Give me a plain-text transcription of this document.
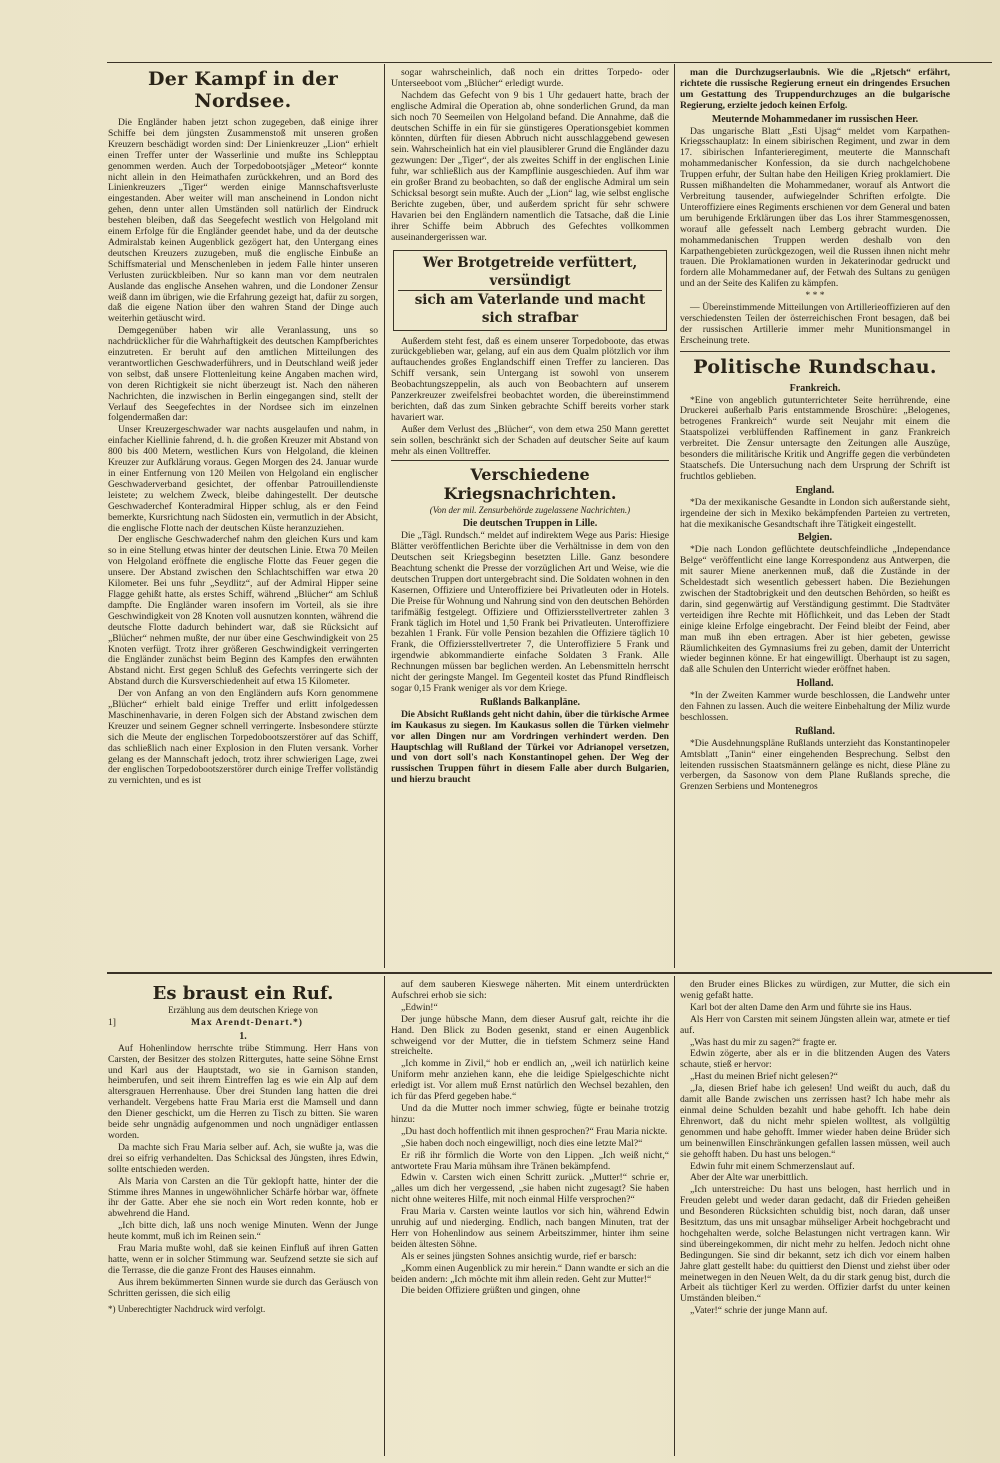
Der Kampf in der Nordsee.

Die Engländer haben jetzt schon zugegeben, daß einige ihrer Schiffe bei dem jüngsten Zusammenstoß mit unseren großen Kreuzern beschädigt worden sind: Der Linienkreuzer „Lion“ erhielt einen Treffer unter der Wasserlinie und mußte ins Schlepptau genommen werden. Auch der Torpedobootsjäger „Meteor“ konnte nicht allein in den Heimathafen zurückkehren, und an Bord des Linienkreuzers „Tiger“ werden einige Mannschaftsverluste eingestanden. Aber weiter will man anscheinend in London nicht gehen, denn unter allen Umständen soll natürlich der Eindruck bestehen bleiben, daß das Seegefecht westlich von Helgoland mit einem Erfolge für die Engländer geendet habe, und da der deutsche Admiralstab keinen Augenblick gezögert hat, den Untergang eines deutschen Kreuzers zuzugeben, muß die englische Einbuße an Schiffsmaterial und Menschenleben in jedem Falle hinter unseren Verlusten zurückbleiben. Nur so kann man vor dem neutralen Auslande das englische Ansehen wahren, und die Londoner Zensur weiß dann im übrigen, wie die Erfahrung gezeigt hat, dafür zu sorgen, daß die eigene Nation über den wahren Stand der Dinge auch weiterhin getäuscht wird.

Demgegenüber haben wir alle Veranlassung, uns so nachdrücklicher für die Wahrhaftigkeit des deutschen Kampfberichtes einzutreten. Er beruht auf den amtlichen Mitteilungen des verantwortlichen Geschwaderführers, und in Deutschland weiß jeder von selbst, daß unsere Flottenleitung keine Angaben machen wird, von deren Richtigkeit sie nicht überzeugt ist. Nach den näheren Nachrichten, die inzwischen in Berlin eingegangen sind, stellt der Verlauf des Seegefechtes in der Nordsee sich im einzelnen folgendermaßen dar:

Unser Kreuzergeschwader war nachts ausgelaufen und nahm, in einfacher Kiellinie fahrend, d. h. die großen Kreuzer mit Abstand von 800 bis 400 Metern, westlichen Kurs von Helgoland, die kleinen Kreuzer zur Aufklärung voraus. Gegen Morgen des 24. Januar wurde in einer Entfernung von 120 Meilen von Helgoland ein englischer Geschwaderverband gesichtet, der offenbar Patrouillendienste leistete; zu welchem Zweck, bleibe dahingestellt. Der deutsche Geschwaderchef Konteradmiral Hipper schlug, als er den Feind bemerkte, Kursrichtung nach Südosten ein, vermutlich in der Absicht, die englische Flotte nach der deutschen Küste heranzuziehen.

Der englische Geschwaderchef nahm den gleichen Kurs und kam so in eine Stellung etwas hinter der deutschen Linie. Etwa 70 Meilen von Helgoland eröffnete die englische Flotte das Feuer gegen die unsere. Der Abstand zwischen den Schlachtschiffen war etwa 20 Kilometer. Bei uns fuhr „Seydlitz“, auf der Admiral Hipper seine Flagge gehißt hatte, als erstes Schiff, während „Blücher“ am Schluß dampfte. Die Engländer waren insofern im Vorteil, als sie ihre Geschwindigkeit von 28 Knoten voll ausnutzen konnten, während die deutsche Flotte dadurch behindert war, daß sie Rücksicht auf „Blücher“ nehmen mußte, der nur über eine Geschwindigkeit von 25 Knoten verfügt. Trotz ihrer größeren Geschwindigkeit verringerten die Engländer zunächst beim Beginn des Kampfes den erwähnten Abstand nicht. Erst gegen Schluß des Gefechts verringerte sich der Abstand durch die Kursverschiedenheit auf etwa 15 Kilometer.

Der von Anfang an von den Engländern aufs Korn genommene „Blücher“ erhielt bald einige Treffer und erlitt infolgedessen Maschinenhavarie, in deren Folgen sich der Abstand zwischen dem Kreuzer und seinem Gegner schnell verringerte. Insbesondere stürzte sich die Meute der englischen Torpedobootszerstörer auf das Schiff, das schließlich nach einer Explosion in den Fluten versank. Vorher gelang es der Mannschaft jedoch, trotz ihrer schwierigen Lage, zwei der englischen Torpedobootszerstörer durch einige Treffer vollständig zu vernichten, und es ist

sogar wahrscheinlich, daß noch ein drittes Torpedo- oder Unterseeboot vom „Blücher“ erledigt wurde.

Nachdem das Gefecht von 9 bis 1 Uhr gedauert hatte, brach der englische Admiral die Operation ab, ohne sonderlichen Grund, da man sich noch 70 Seemeilen von Helgoland befand. Die Annahme, daß die deutschen Schiffe in ein für sie günstigeres Operationsgebiet kommen könnten, dürften für diesen Abbruch nicht ausschlaggebend gewesen sein. Wahrscheinlich hat ein viel plausiblerer Grund die Engländer dazu gezwungen: Der „Tiger“, der als zweites Schiff in der englischen Linie fuhr, war schließlich aus der Kampflinie ausgeschieden. Auf ihm war ein großer Brand zu beobachten, so daß der englische Admiral um sein Schicksal besorgt sein mußte. Auch der „Lion“ lag, wie selbst englische Berichte zugeben, über, und außerdem spricht für sehr schwere Havarien bei den Engländern namentlich die Tatsache, daß die Linie ihrer Schiffe beim Abbruch des Gefechtes vollkommen auseinandergerissen war.

Wer Brotgetreide verfüttert, versündigt
sich am Vaterlande und macht sich strafbar

Außerdem steht fest, daß es einem unserer Torpedoboote, das etwas zurückgeblieben war, gelang, auf ein aus dem Qualm plötzlich vor ihm auftauchendes großes Englandschiff einen Treffer zu lancieren. Das Schiff versank, sein Untergang ist sowohl von unserem Beobachtungszeppelin, als auch von Beobachtern auf unserem Panzerkreuzer zweifelsfrei beobachtet worden, die übereinstimmend berichten, daß das zum Sinken gebrachte Schiff bereits vorher stark havariert war.

Außer dem Verlust des „Blücher“, von dem etwa 250 Mann gerettet sein sollen, beschränkt sich der Schaden auf deutscher Seite auf kaum mehr als einen Volltreffer.

Verschiedene Kriegsnachrichten.
(Von der mil. Zensurbehörde zugelassene Nachrichten.)
Die deutschen Truppen in Lille.

Die „Tägl. Rundsch.“ meldet auf indirektem Wege aus Paris: Hiesige Blätter veröffentlichen Berichte über die Verhältnisse in dem von den Deutschen seit Kriegsbeginn besetzten Lille. Ganz besondere Beachtung schenkt die Presse der vorzüglichen Art und Weise, wie die deutschen Truppen dort untergebracht sind. Die Soldaten wohnen in den Kasernen, Offiziere und Unteroffiziere bei Privatleuten oder in Hotels. Die Preise für Wohnung und Nahrung sind von den deutschen Behörden tarifmäßig festgelegt. Offiziere und Offiziersstellvertreter zahlen 3 Frank täglich im Hotel und 1,50 Frank bei Privatleuten. Unteroffiziere bezahlen 1 Frank. Für volle Pension bezahlen die Offiziere täglich 10 Frank, die Offiziersstellvertreter 7, die Unteroffiziere 5 Frank und irgendwie abkommandierte einfache Soldaten 3 Frank. Alle Rechnungen müssen bar beglichen werden. An Lebensmitteln herrscht nicht der geringste Mangel. Im Gegenteil kostet das Pfund Rindfleisch sogar 0,15 Frank weniger als vor dem Kriege.

Rußlands Balkanpläne.

Die Absicht Rußlands geht nicht dahin, über die türkische Armee im Kaukasus zu siegen. Im Kaukasus sollen die Türken vielmehr vor allen Dingen nur am Vordringen verhindert werden. Den Hauptschlag will Rußland der Türkei vor Adrianopel versetzen, und von dort soll's nach Konstantinopel gehen. Der Weg der russischen Truppen führt in diesem Falle aber durch Bulgarien, und hierzu braucht

man die Durchzugserlaubnis. Wie die „Rjetsch“ erfährt, richtete die russische Regierung erneut ein dringendes Ersuchen um Gestattung des Truppendurchzuges an die bulgarische Regierung, erzielte jedoch keinen Erfolg.

Meuternde Mohammedaner im russischen Heer.

Das ungarische Blatt „Esti Ujsag“ meldet vom Karpathen-Kriegsschauplatz: In einem sibirischen Regiment, und zwar in dem 17. sibirischen Infanterieregiment, meuterte die Mannschaft mohammedanischer Konfession, da sie durch nachgelchobene Truppen erfuhr, der Sultan habe den Heiligen Krieg proklamiert. Die Russen mißhandelten die Mohammedaner, worauf als Antwort die Verbreitung tausender, aufwiegelnder Schriften erfolgte. Die Unteroffiziere eines Regiments erschienen vor dem General und baten um beruhigende Erklärungen über das Los ihrer Stammesgenossen, worauf alle gefesselt nach Lemberg gebracht wurden. Die mohammedanischen Truppen werden deshalb von den Karpathengebieten zurückgezogen, weil die Russen ihnen nicht mehr trauen. Die Proklamationen wurden in Jekaterinodar gedruckt und fordern alle Mohammedaner auf, der Fetwah des Sultans zu genügen und an der Seite des Kalifen zu kämpfen.

* * *

— Übereinstimmende Mitteilungen von Artillerieoffizieren auf den verschiedensten Teilen der österreichischen Front besagen, daß bei der russischen Artillerie immer mehr Munitionsmangel in Erscheinung trete.

Politische Rundschau.
Frankreich.

*Eine von angeblich gutunterrichteter Seite herrührende, eine Druckerei außerhalb Paris entstammende Broschüre: „Belogenes, betrogenes Frankreich“ wurde seit Neujahr mit einem die Staatspolizei verblüffenden Raffinement in ganz Frankreich verbreitet. Die Zensur untersagte den Zeitungen alle Auszüge, besonders die militärische Kritik und Angriffe gegen die verbündeten Staatschefs. Die Untersuchung nach dem Ursprung der Schrift ist fruchtlos geblieben.

England.

*Da der mexikanische Gesandte in London sich außerstande sieht, irgendeine der sich in Mexiko bekämpfenden Parteien zu vertreten, hat die mexikanische Gesandtschaft ihre Tätigkeit eingestellt.

Belgien.

*Die nach London geflüchtete deutschfeindliche „Independance Belge“ veröffentlicht eine lange Korrespondenz aus Antwerpen, die mit saurer Miene anerkennen muß, daß die Zustände in der Scheldestadt sich wesentlich gebessert haben. Die Beziehungen zwischen der Stadtobrigkeit und den deutschen Behörden, so heißt es darin, sind gegenwärtig auf Verständigung gestimmt. Die Stadtväter verteidigen ihre Rechte mit Höflichkeit, und das Leben der Stadt einige kleine Erfolge eingebracht. Der Feind bleibt der Feind, aber man muß ihn eben ertragen. Aber ist hier gebeten, gewisse Räumlichkeiten des Gymnasiums frei zu geben, damit der Unterricht wieder beginnen könne. Er hat eingewilligt. Überhaupt ist zu sagen, daß alle Schulen den Unterricht wieder eröffnet haben.

Holland.

*In der Zweiten Kammer wurde beschlossen, die Landwehr unter den Fahnen zu lassen. Auch die weitere Einbehaltung der Miliz wurde beschlossen.

Rußland.

*Die Ausdehnungspläne Rußlands unterzieht das Konstantinopeler Amtsblatt „Tanin“ einer eingehenden Besprechung. Selbst den leitenden russischen Staatsmännern gelänge es nicht, diese Pläne zu verbergen, da Sasonow von dem Plane Rußlands spreche, die Grenzen Serbiens und Montenegros

Es braust ein Ruf.
Erzählung aus dem deutschen Kriege von
1]	Max Arendt-Denart.*)
1.

Auf Hohenlindow herrschte trübe Stimmung. Herr Hans von Carsten, der Besitzer des stolzen Rittergutes, hatte seine Söhne Ernst und Karl aus der Hauptstadt, wo sie in Garnison standen, heimberufen, und seit ihrem Eintreffen lag es wie ein Alp auf dem altersgrauen Herrenhause. Über drei Stunden lang hatten die drei verhandelt. Vergebens hatte Frau Maria erst die Mamsell und dann den Diener geschickt, um die Herren zu Tisch zu bitten. Sie waren beide sehr ungnädig aufgenommen und noch ungnädiger entlassen worden.

Da machte sich Frau Maria selber auf. Ach, sie wußte ja, was die drei so eifrig verhandelten. Das Schicksal des Jüngsten, ihres Edwin, sollte entschieden werden.

Als Maria von Carsten an die Tür geklopft hatte, hinter der die Stimme ihres Mannes in ungewöhnlicher Schärfe hörbar war, öffnete ihr der Gatte. Aber ehe sie noch ein Wort reden konnte, hob er abwehrend die Hand.

„Ich bitte dich, laß uns noch wenige Minuten. Wenn der Junge heute kommt, muß ich im Reinen sein.“

Frau Maria mußte wohl, daß sie keinen Einfluß auf ihren Gatten hatte, wenn er in solcher Stimmung war. Seufzend setzte sie sich auf die Terrasse, die die ganze Front des Hauses einnahm.

Aus ihrem bekümmerten Sinnen wurde sie durch das Geräusch von Schritten gerissen, die sich eilig

*) Unberechtigter Nachdruck wird verfolgt.

auf dem sauberen Kieswege näherten. Mit einem unterdrückten Aufschrei erhob sie sich:

„Edwin!“

Der junge hübsche Mann, dem dieser Ausruf galt, reichte ihr die Hand. Den Blick zu Boden gesenkt, stand er einen Augenblick schweigend vor der Mutter, die in tiefstem Schmerz seine Hand streichelte.

„Ich komme in Zivil,“ hob er endlich an, „weil ich natürlich keine Uniform mehr anziehen kann, ehe die leidige Spielgeschichte nicht erledigt ist. Vor allem muß Ernst natürlich den Wechsel bezahlen, den ich für das Pferd gegeben habe.“

Und da die Mutter noch immer schwieg, fügte er beinahe trotzig hinzu:

„Du hast doch hoffentlich mit ihnen gesprochen?“ Frau Maria nickte.

„Sie haben doch noch eingewilligt, noch dies eine letzte Mal?“

Er riß ihr förmlich die Worte von den Lippen. „Ich weiß nicht,“ antwortete Frau Maria mühsam ihre Tränen bekämpfend.

Edwin v. Carsten wich einen Schritt zurück. „Mutter!“ schrie er, „alles um dich her vergessend, „sie haben nicht zugesagt? Sie haben nicht ohne weiteres Hilfe, mit noch einmal Hilfe versprochen?“

Frau Maria v. Carsten weinte lautlos vor sich hin, während Edwin unruhig auf und niederging. Endlich, nach bangen Minuten, trat der Herr von Hohenlindow aus seinem Arbeitszimmer, hinter ihm seine beiden ältesten Söhne.

Als er seines jüngsten Sohnes ansichtig wurde, rief er barsch:

„Komm einen Augenblick zu mir herein.“ Dann wandte er sich an die beiden andern: „Ich möchte mit ihm allein reden. Geht zur Mutter!“

Die beiden Offiziere grüßten und gingen, ohne

den Bruder eines Blickes zu würdigen, zur Mutter, die sich ein wenig gefaßt hatte.

Karl bot der alten Dame den Arm und führte sie ins Haus.

Als Herr von Carsten mit seinem Jüngsten allein war, atmete er tief auf.

„Was hast du mir zu sagen?“ fragte er.

Edwin zögerte, aber als er in die blitzenden Augen des Vaters schaute, stieß er hervor:

„Hast du meinen Brief nicht gelesen?“

„Ja, diesen Brief habe ich gelesen! Und weißt du auch, daß du damit alle Bande zwischen uns zerrissen hast? Ich habe mehr als einmal deine Schulden bezahlt und habe gehofft. Ich habe dein Ehrenwort, daß du nicht mehr spielen wolltest, als vollgültig genommen und habe gehofft. Immer wieder haben deine Brüder sich um beinenwillen Einschränkungen gefallen lassen müssen, weil auch sie gehofft haben. Du hast uns belogen.“

Edwin fuhr mit einem Schmerzenslaut auf.

Aber der Alte war unerbittlich.

„Ich unterstreiche: Du hast uns belogen, hast herrlich und in Freuden gelebt und weder daran gedacht, daß dir Frieden geheißen und Besonderen Rücksichten schuldig bist, noch daran, daß unser Besitztum, das uns mit unsagbar mühseliger Arbeit hochgebracht und hochgehalten werde, solche Belastungen nicht vertragen kann. Wir sind übereingekommen, dir nicht mehr zu helfen. Jedoch nicht ohne Bedingungen. Sie sind dir bekannt, setz ich dich vor einem halben Jahre glatt gestellt habe: du quittierst den Dienst und ziehst über oder meinetwegen in den Neuen Welt, da du dir stark genug bist, durch die Arbeit als tüchtiger Kerl zu werden. Offizier darfst du unter keinen Umständen bleiben.“

„Vater!“ schrie der junge Mann auf.
